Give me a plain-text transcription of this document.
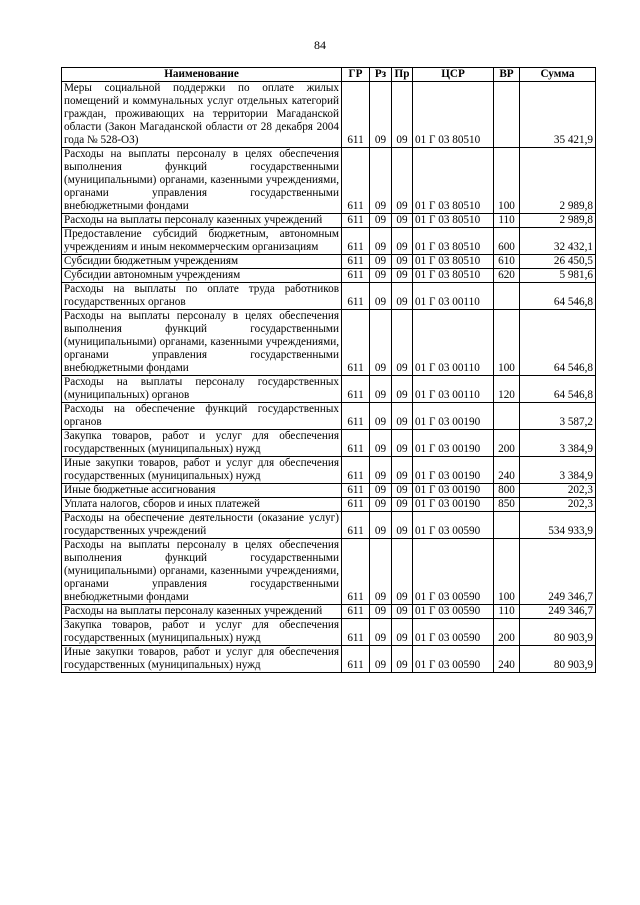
84
Наименование	ГР	Рз	Пр	ЦСР	ВР	Сумма
Меры социальной поддержки по оплате жилых помещений и коммунальных услуг отдельных категорий граждан, проживающих на территории Магаданской области (Закон Магаданской области от 28 декабря 2004 года № 528-ОЗ)	611	09	09	01 Г 03 80510		35 421,9
Расходы на выплаты персоналу в целях обеспечения выполнения функций государственными (муниципальными) органами, казенными учреждениями, органами управления государственными внебюджетными фондами	611	09	09	01 Г 03 80510	100	2 989,8
Расходы на выплаты персоналу казенных учреждений	611	09	09	01 Г 03 80510	110	2 989,8
Предоставление субсидий бюджетным, автономным учреждениям и иным некоммерческим организациям	611	09	09	01 Г 03 80510	600	32 432,1
Субсидии бюджетным учреждениям	611	09	09	01 Г 03 80510	610	26 450,5
Субсидии автономным учреждениям	611	09	09	01 Г 03 80510	620	5 981,6
Расходы на выплаты по оплате труда работников государственных органов	611	09	09	01 Г 03 00110		64 546,8
Расходы на выплаты персоналу в целях обеспечения выполнения функций государственными (муниципальными) органами, казенными учреждениями, органами управления государственными внебюджетными фондами	611	09	09	01 Г 03 00110	100	64 546,8
Расходы на выплаты персоналу государственных (муниципальных) органов	611	09	09	01 Г 03 00110	120	64 546,8
Расходы на обеспечение функций государственных органов	611	09	09	01 Г 03 00190		3 587,2
Закупка товаров, работ и услуг для обеспечения государственных (муниципальных) нужд	611	09	09	01 Г 03 00190	200	3 384,9
Иные закупки товаров, работ и услуг для обеспечения государственных (муниципальных) нужд	611	09	09	01 Г 03 00190	240	3 384,9
Иные бюджетные ассигнования	611	09	09	01 Г 03 00190	800	202,3
Уплата налогов, сборов и иных платежей	611	09	09	01 Г 03 00190	850	202,3
Расходы на обеспечение деятельности (оказание услуг) государственных учреждений	611	09	09	01 Г 03 00590		534 933,9
Расходы на выплаты персоналу в целях обеспечения выполнения функций государственными (муниципальными) органами, казенными учреждениями, органами управления государственными внебюджетными фондами	611	09	09	01 Г 03 00590	100	249 346,7
Расходы на выплаты персоналу казенных учреждений	611	09	09	01 Г 03 00590	110	249 346,7
Закупка товаров, работ и услуг для обеспечения государственных (муниципальных) нужд	611	09	09	01 Г 03 00590	200	80 903,9
Иные закупки товаров, работ и услуг для обеспечения государственных (муниципальных) нужд	611	09	09	01 Г 03 00590	240	80 903,9
